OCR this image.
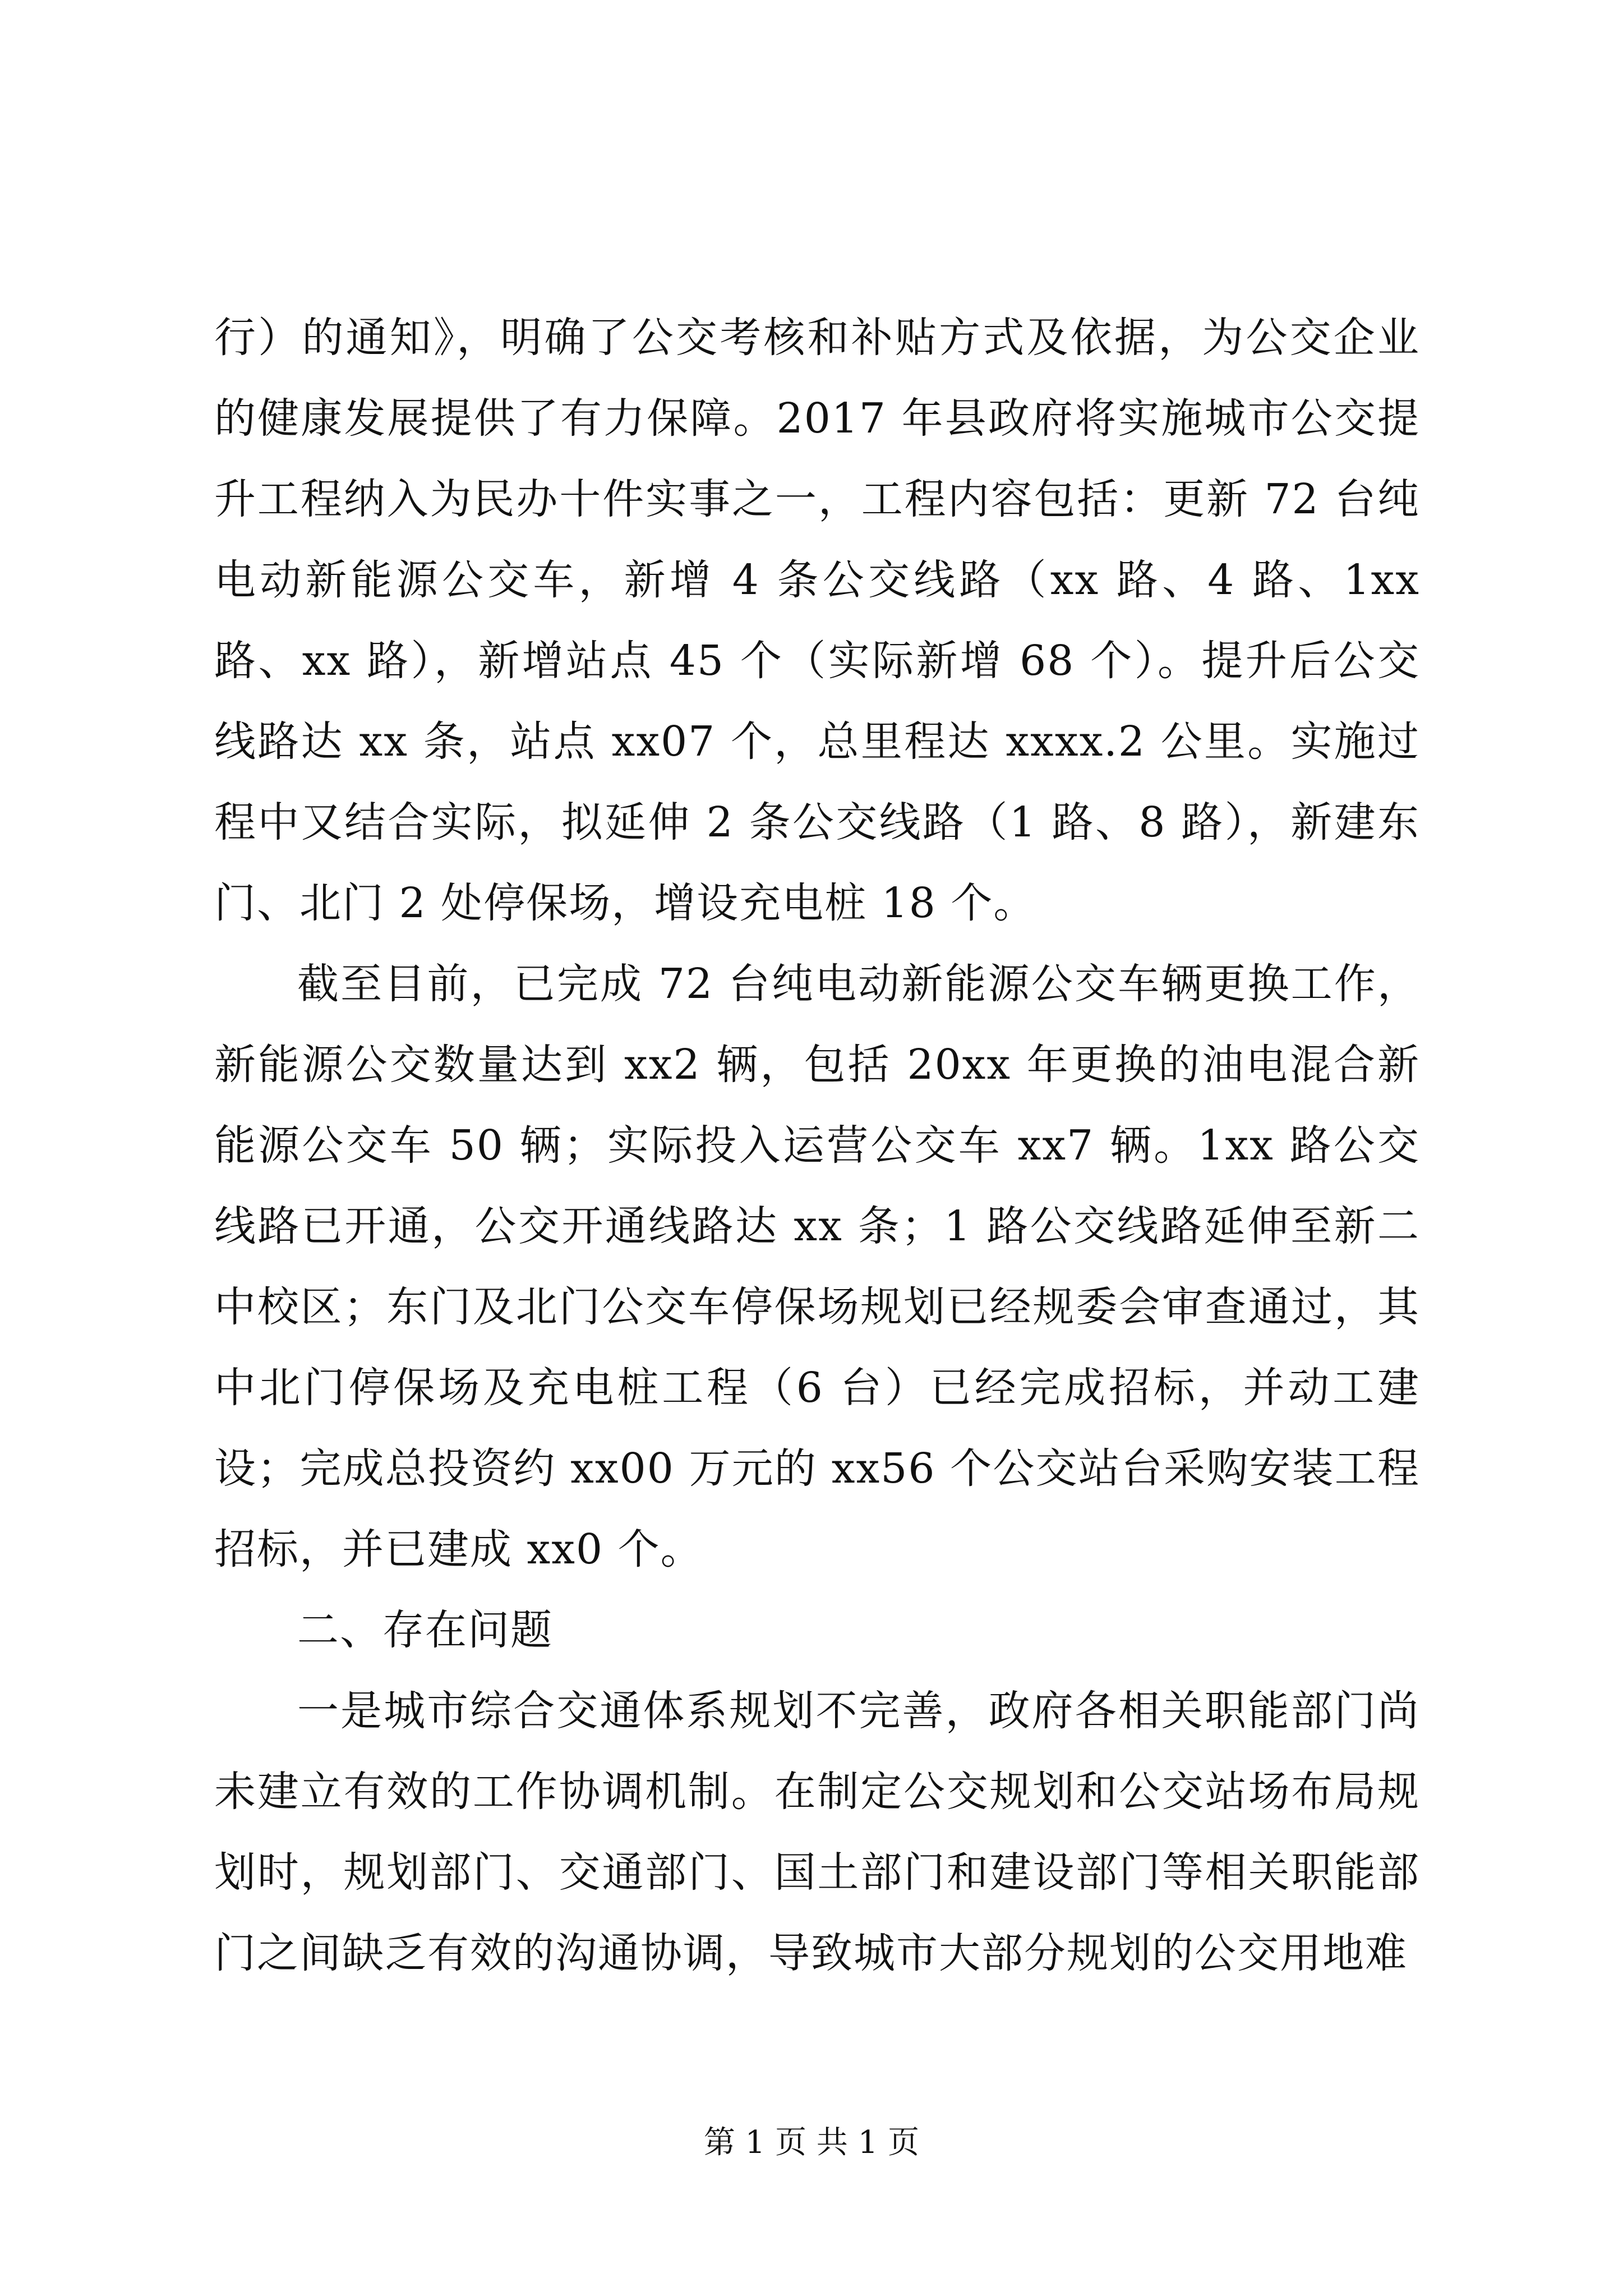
行）的通知》，明确了公交考核和补贴方式及依据，为公交企业的健康发展提供了有力保障。2017 年县政府将实施城市公交提升工程纳入为民办十件实事之一，工程内容包括：更新 72 台纯电动新能源公交车，新增 4 条公交线路（xx 路、4 路、1xx 路、xx 路），新增站点 45 个（实际新增 68 个）。提升后公交线路达 xx 条，站点 xx07 个，总里程达 xxxx.2 公里。实施过程中又结合实际，拟延伸 2 条公交线路（1 路、8 路），新建东门、北门 2 处停保场，增设充电桩 18 个。

截至目前，已完成 72 台纯电动新能源公交车辆更换工作，新能源公交数量达到 xx2 辆，包括 20xx 年更换的油电混合新能源公交车 50 辆；实际投入运营公交车 xx7 辆。1xx 路公交线路已开通，公交开通线路达 xx 条；1 路公交线路延伸至新二中校区；东门及北门公交车停保场规划已经规委会审查通过，其中北门停保场及充电桩工程（6 台）已经完成招标，并动工建设；完成总投资约 xx00 万元的 xx56 个公交站台采购安装工程招标，并已建成 xx0 个。

二、存在问题

一是城市综合交通体系规划不完善，政府各相关职能部门尚未建立有效的工作协调机制。在制定公交规划和公交站场布局规划时，规划部门、交通部门、国土部门和建设部门等相关职能部门之间缺乏有效的沟通协调，导致城市大部分规划的公交用地难

第 1 页 共 1 页
